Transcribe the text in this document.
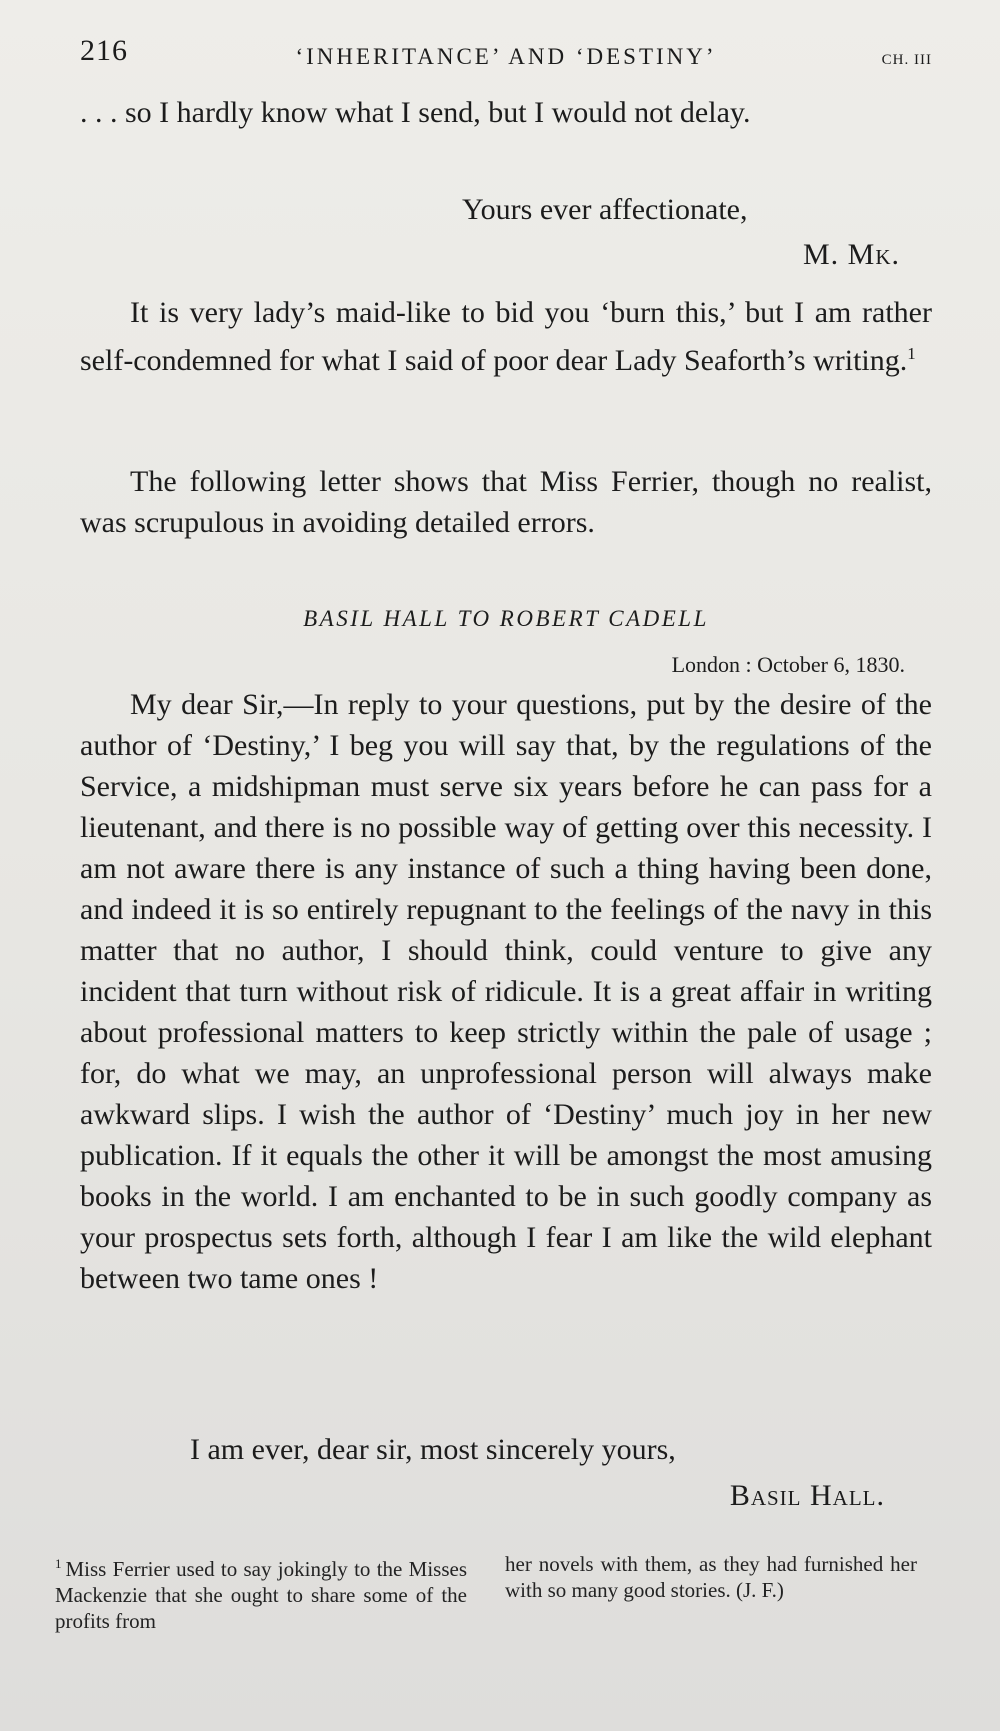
216	‘INHERITANCE’ AND ‘DESTINY’	CH. III

. . . so I hardly know what I send, but I would not delay.

Yours ever affectionate,
M. Mk.

It is very lady’s maid-like to bid you ‘burn this,’ but I am rather self-condemned for what I said of poor dear Lady Seaforth’s writing.$^1$

The following letter shows that Miss Ferrier, though no realist, was scrupulous in avoiding detailed errors.

BASIL HALL TO ROBERT CADELL
London : October 6, 1830.

My dear Sir,—In reply to your questions, put by the desire of the author of ‘Destiny,’ I beg you will say that, by the regulations of the Service, a midshipman must serve six years before he can pass for a lieutenant, and there is no possible way of getting over this necessity. I am not aware there is any instance of such a thing having been done, and indeed it is so entirely repugnant to the feelings of the navy in this matter that no author, I should think, could venture to give any incident that turn without risk of ridicule. It is a great affair in writing about professional matters to keep strictly within the pale of usage ; for, do what we may, an unprofessional person will always make awkward slips. I wish the author of ‘Destiny’ much joy in her new publication. If it equals the other it will be amongst the most amusing books in the world. I am enchanted to be in such goodly company as your prospectus sets forth, although I fear I am like the wild elephant between two tame ones !

I am ever, dear sir, most sincerely yours,
Basil Hall.
$^1$ Miss Ferrier used to say jokingly to the Misses Mackenzie that she ought to share some of the profits from
her novels with them, as they had furnished her with so many good stories. (J. F.)
